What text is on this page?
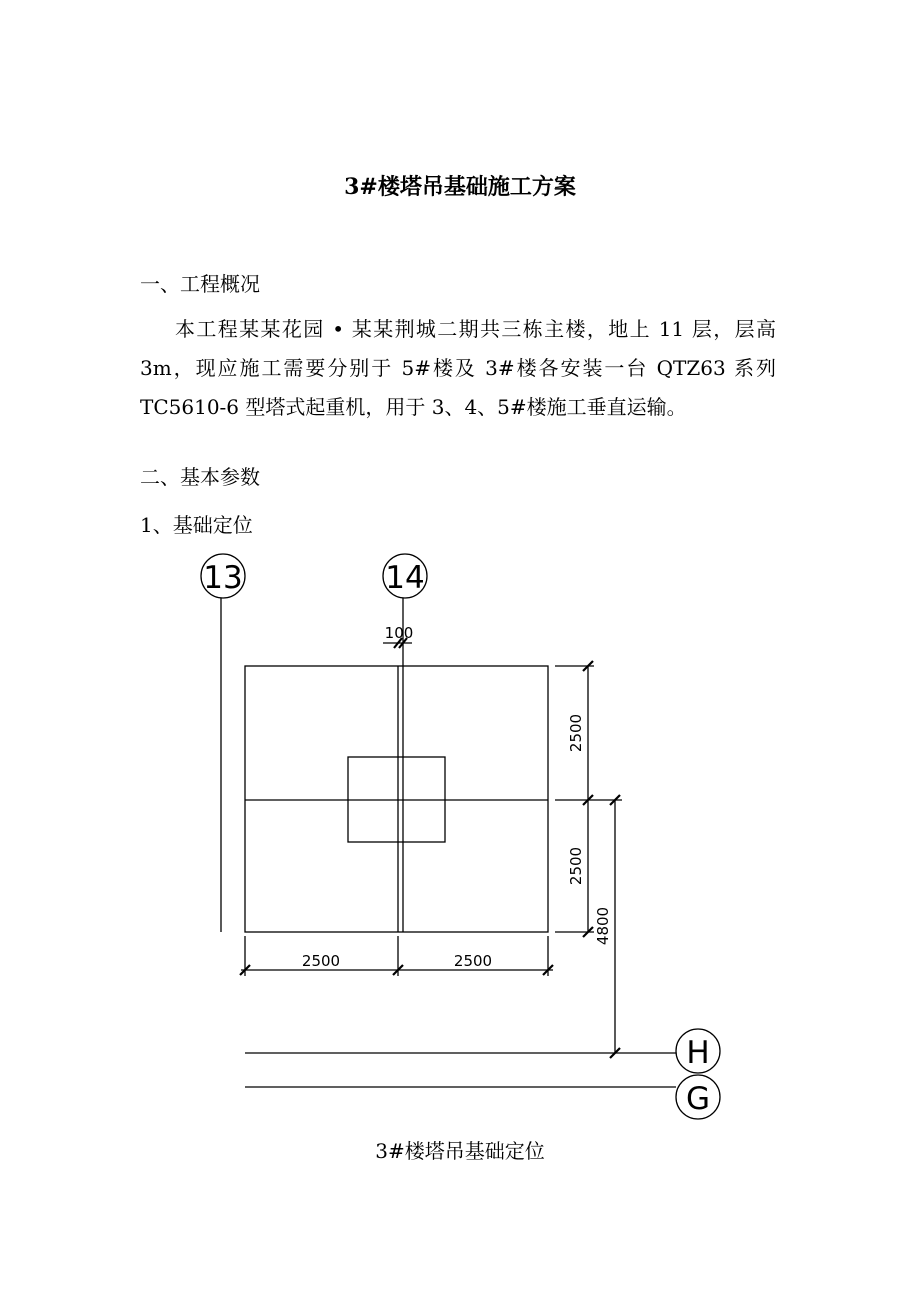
3#楼塔吊基础施工方案
一、工程概况
本工程某某花园 • 某某荆城二期共三栋主楼，地上 11 层，层高
3m，现应施工需要分别于 5#楼及 3#楼各安装一台 QTZ63 系列
TC5610-6 型塔式起重机，用于 3、4、5#楼施工垂直运输。
二、基本参数
1、基础定位
13	14
H
G
100
2500	2500
2500
2500
4800
3#楼塔吊基础定位
